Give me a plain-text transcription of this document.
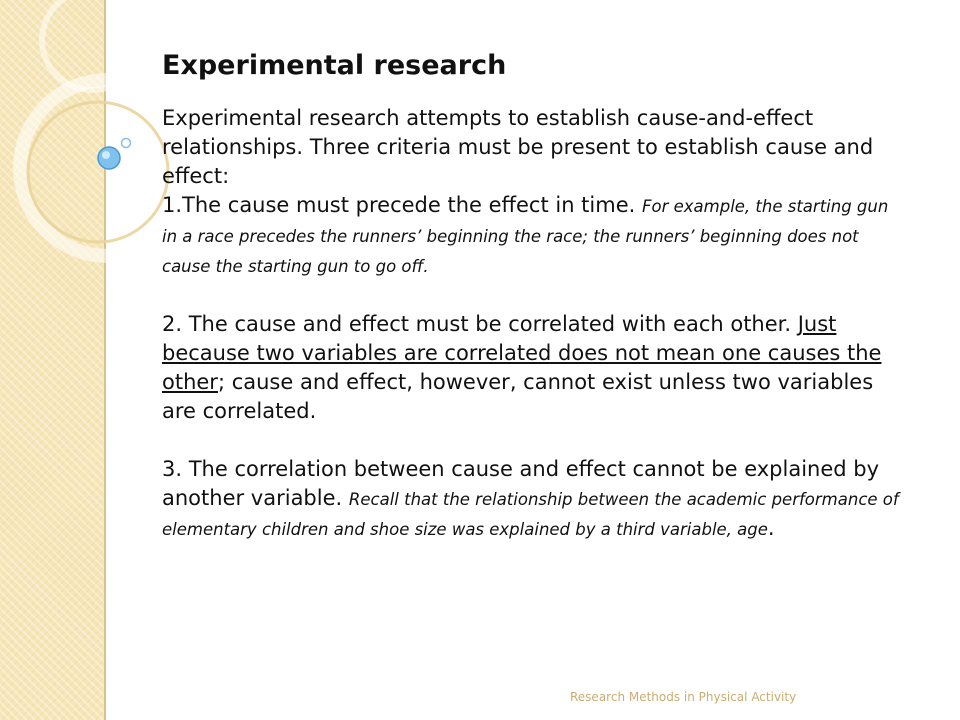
Experimental research

Experimental research attempts to establish cause-and-effect relationships. Three criteria must be present to establish cause and effect:

1.The cause must precede the effect in time. For example, the starting gun in a race precedes the runners’ beginning the race; the runners’ beginning does not cause the starting gun to go off.

2. The cause and effect must be correlated with each other. Just because two variables are correlated does not mean one causes the other; cause and effect, however, cannot exist unless two variables are correlated.

3. The correlation between cause and effect cannot be explained by another variable. Recall that the relationship between the academic performance of elementary children and shoe size was explained by a third variable, age.

Research Methods in Physical Activity
